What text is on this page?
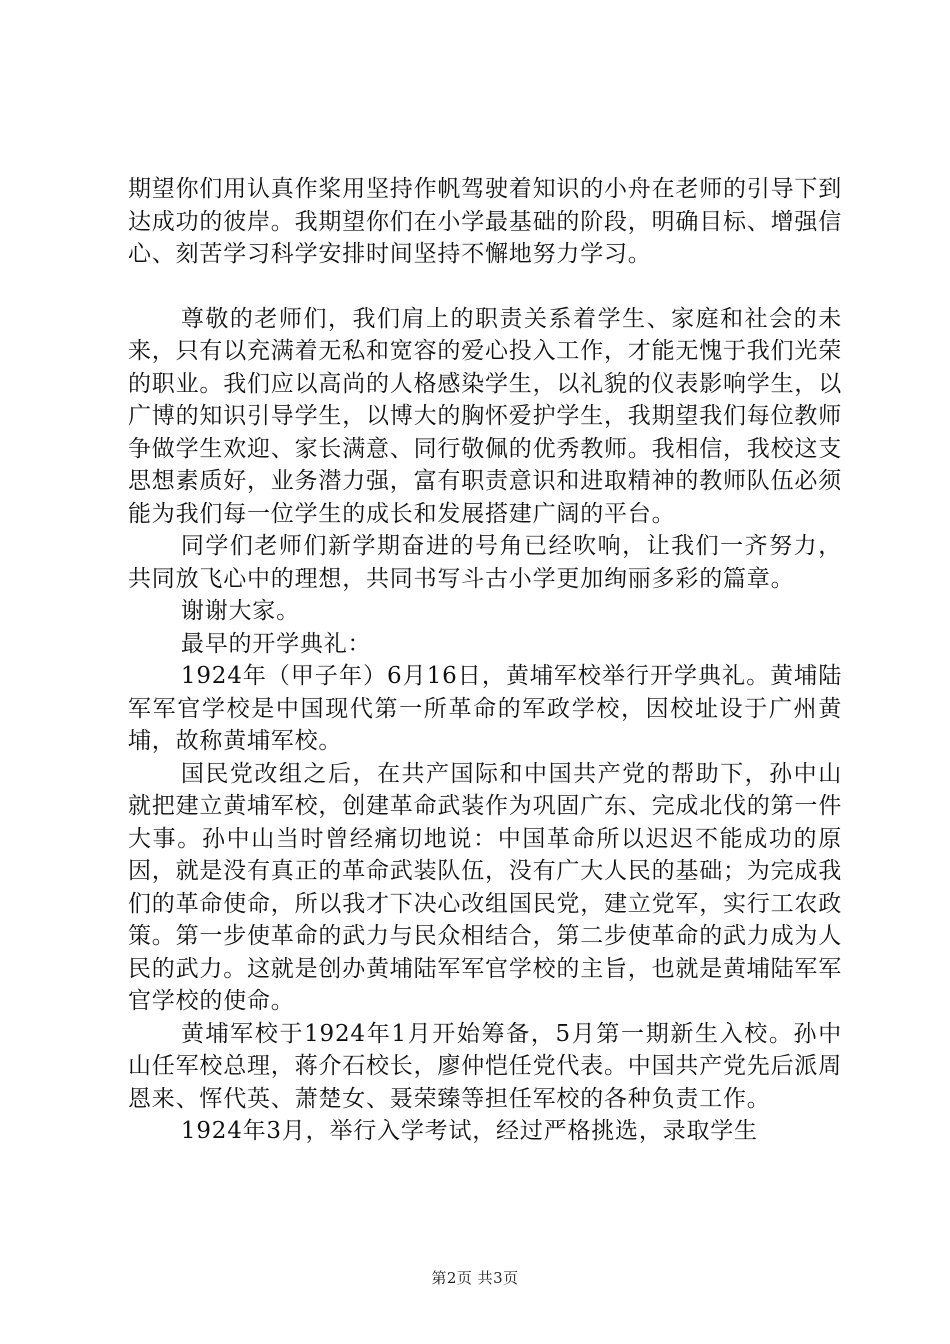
期望你们用认真作桨用坚持作帆驾驶着知识的小舟在老师的引导下到达成功的彼岸。我期望你们在小学最基础的阶段，明确目标、增强信心、刻苦学习科学安排时间坚持不懈地努力学习。

尊敬的老师们，我们肩上的职责关系着学生、家庭和社会的未来，只有以充满着无私和宽容的爱心投入工作，才能无愧于我们光荣的职业。我们应以高尚的人格感染学生，以礼貌的仪表影响学生，以广博的知识引导学生，以博大的胸怀爱护学生，我期望我们每位教师争做学生欢迎、家长满意、同行敬佩的优秀教师。我相信，我校这支思想素质好，业务潜力强，富有职责意识和进取精神的教师队伍必须能为我们每一位学生的成长和发展搭建广阔的平台。

同学们老师们新学期奋进的号角已经吹响，让我们一齐努力，共同放飞心中的理想，共同书写斗古小学更加绚丽多彩的篇章。

谢谢大家。

最早的开学典礼：

1924年（甲子年）6月16日，黄埔军校举行开学典礼。黄埔陆军军官学校是中国现代第一所革命的军政学校，因校址设于广州黄埔，故称黄埔军校。

国民党改组之后，在共产国际和中国共产党的帮助下，孙中山就把建立黄埔军校，创建革命武装作为巩固广东、完成北伐的第一件大事。孙中山当时曾经痛切地说：中国革命所以迟迟不能成功的原因，就是没有真正的革命武装队伍，没有广大人民的基础；为完成我们的革命使命，所以我才下决心改组国民党，建立党军，实行工农政策。第一步使革命的武力与民众相结合，第二步使革命的武力成为人民的武力。这就是创办黄埔陆军军官学校的主旨，也就是黄埔陆军军官学校的使命。

黄埔军校于1924年1月开始筹备，5月第一期新生入校。孙中山任军校总理，蒋介石校长，廖仲恺任党代表。中国共产党先后派周恩来、恽代英、萧楚女、聂荣臻等担任军校的各种负责工作。

1924年3月，举行入学考试，经过严格挑选，录取学生

第2页 共3页
